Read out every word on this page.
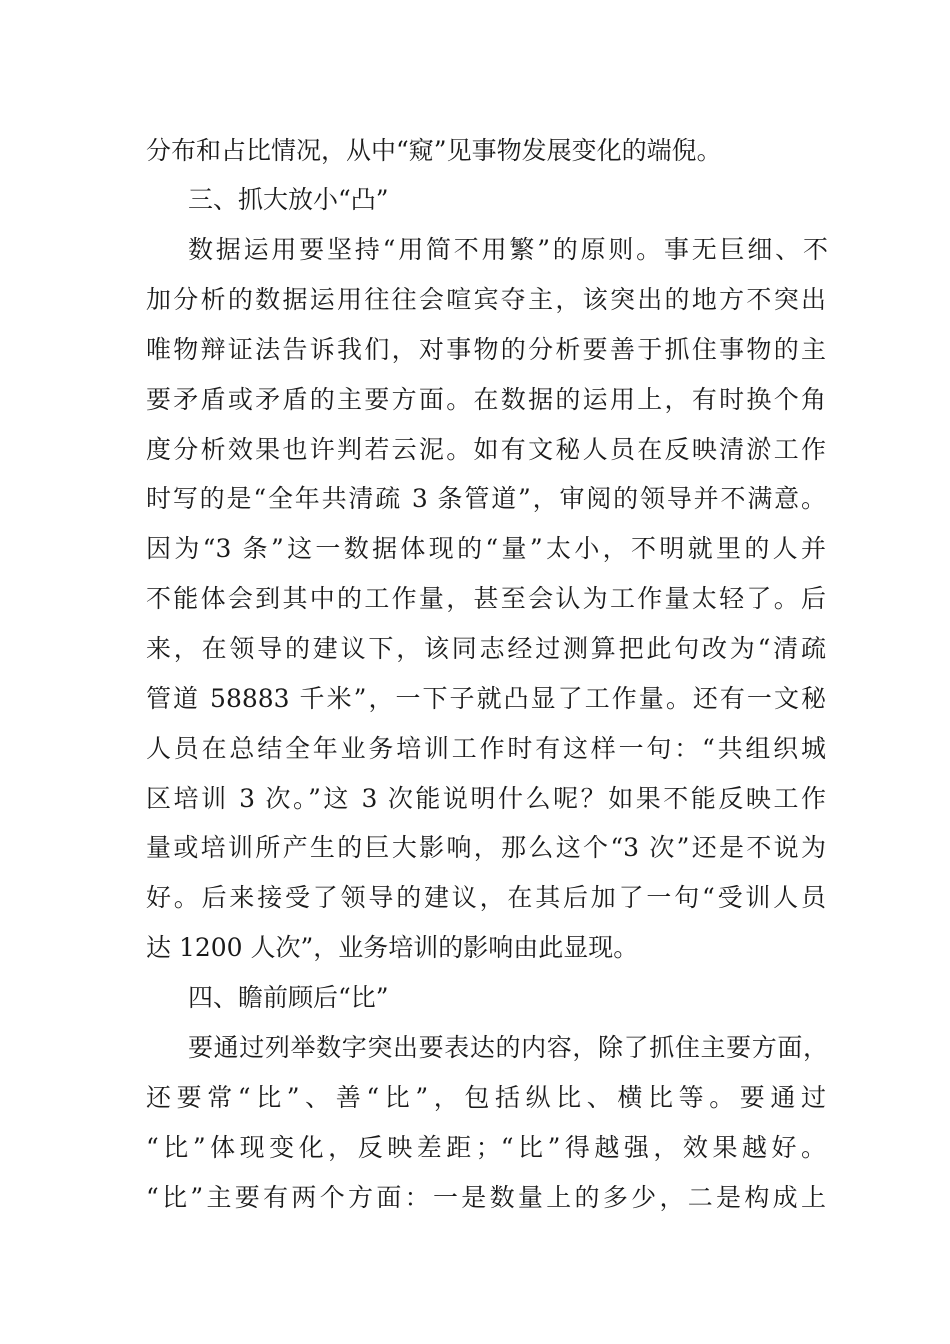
分布和占比情况，从中“窥”见事物发展变化的端倪。
三、抓大放小“凸”
数据运用要坚持“用简不用繁”的原则。事无巨细、不
加分析的数据运用往往会喧宾夺主，该突出的地方不突出
唯物辩证法告诉我们，对事物的分析要善于抓住事物的主
要矛盾或矛盾的主要方面。在数据的运用上，有时换个角
度分析效果也许判若云泥。如有文秘人员在反映清淤工作
时写的是“全年共清疏 3 条管道”，审阅的领导并不满意。
因为“3 条”这一数据体现的“量”太小，不明就里的人并
不能体会到其中的工作量，甚至会认为工作量太轻了。后
来，在领导的建议下，该同志经过测算把此句改为“清疏
管道 58883 千米”，一下子就凸显了工作量。还有一文秘
人员在总结全年业务培训工作时有这样一句：“共组织城
区培训 3 次。”这 3 次能说明什么呢？如果不能反映工作
量或培训所产生的巨大影响，那么这个“3 次”还是不说为
好。后来接受了领导的建议，在其后加了一句“受训人员
达 1200 人次”，业务培训的影响由此显现。
四、瞻前顾后“比”
要通过列举数字突出要表达的内容，除了抓住主要方面，
还要常“比”、善“比”，包括纵比、横比等。要通过
“比”体现变化，反映差距；“比”得越强，效果越好。
“比”主要有两个方面：一是数量上的多少，二是构成上
